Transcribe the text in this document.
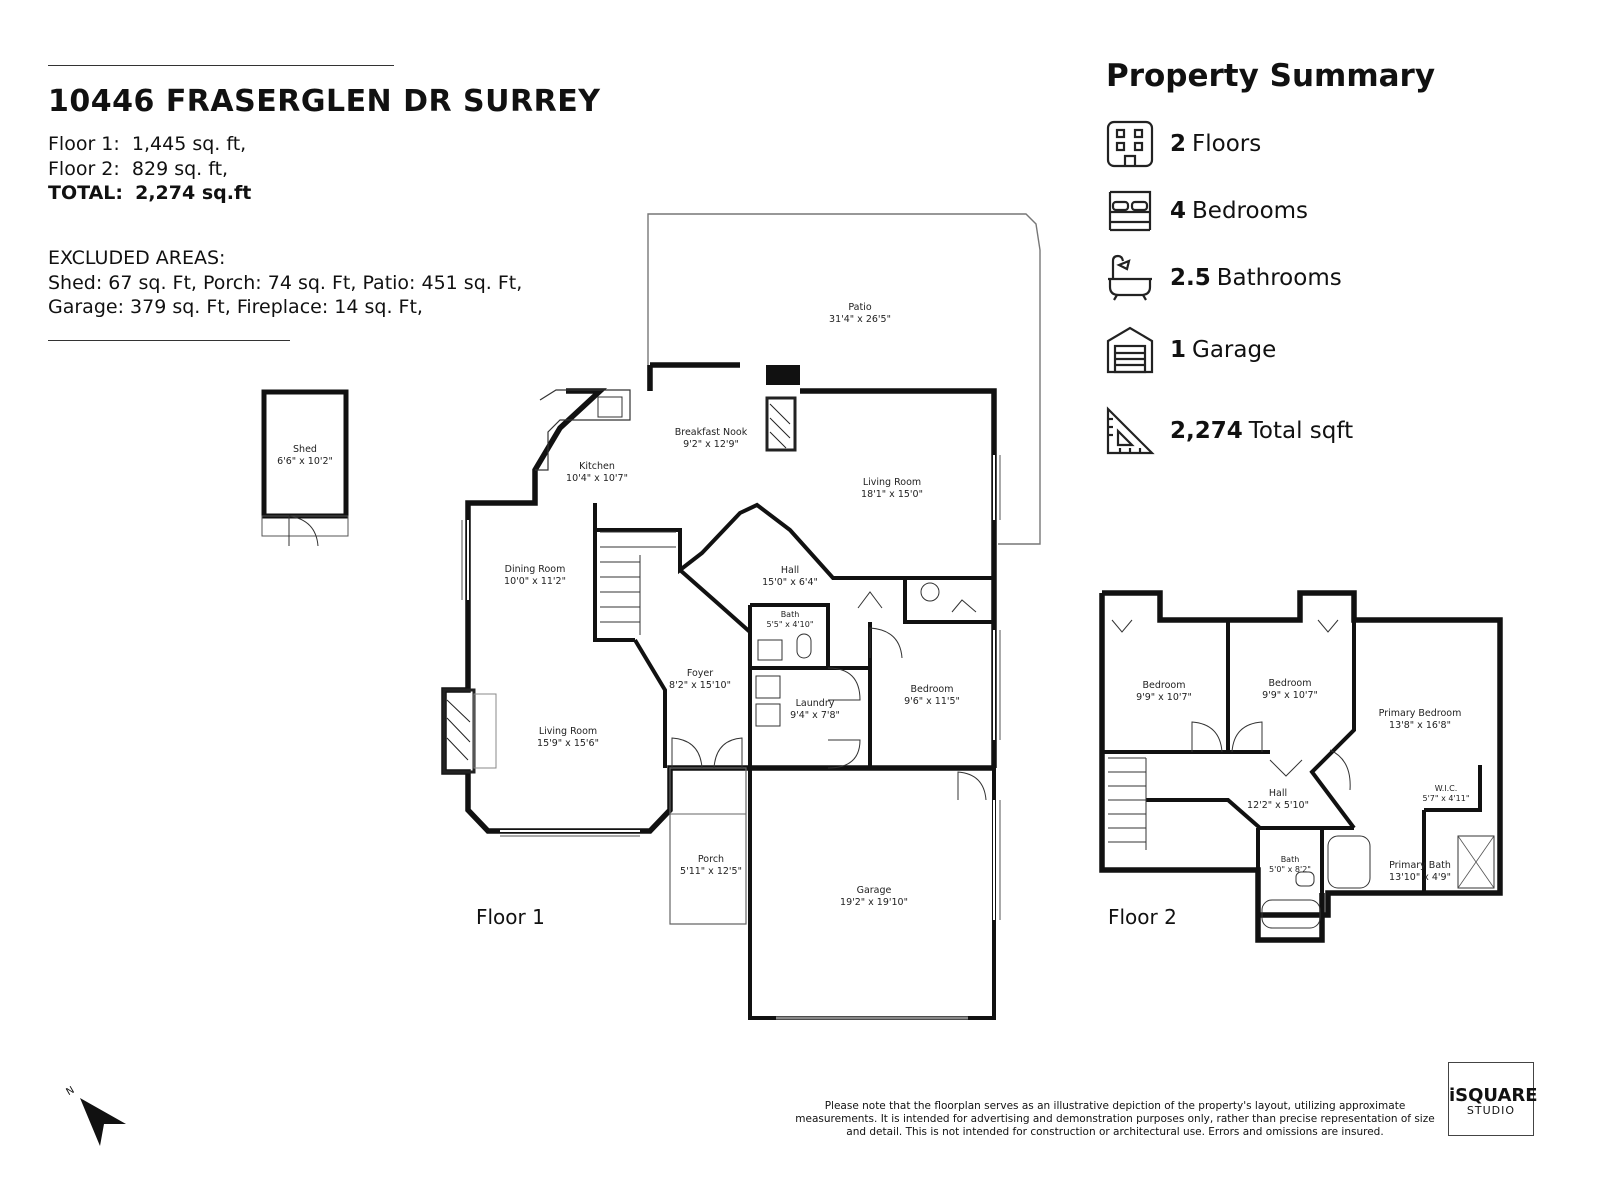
10446 FRASERGLEN DR SURREY
Floor 1: 1,445 sq. ft,
Floor 2: 829 sq. ft,
TOTAL: 2,274 sq.ft
EXCLUDED AREAS:
Shed: 67 sq. Ft, Porch: 74 sq. Ft, Patio: 451 sq. Ft,
Garage: 379 sq. Ft, Fireplace: 14 sq. Ft,
Property Summary
2 Floors
4 Bedrooms
2.5 Bathrooms
1 Garage
2,274 Total sqft
Shed
6'6" x 10'2"
Patio
31'4" x 26'5"
Breakfast Nook
9'2" x 12'9"
Kitchen
10'4" x 10'7"	Living Room
18'1" x 15'0"
Dining Room
10'0" x 11'2"
Hall
15'0" x 6'4"
Bath
5'5" x 4'10"
Foyer
8'2" x 15'10"
Laundry
9'4" x 7'8"
Bedroom
9'6" x 11'5"
Living Room
15'9" x 15'6"
Porch
5'11" x 12'5"
Garage
19'2" x 19'10"
Floor 1
Bedroom
9'9" x 10'7"
Bedroom
9'9" x 10'7"
Primary Bedroom
13'8" x 16'8"
Hall
12'2" x 5'10"
W.I.C.
5'7" x 4'11"
Bath
5'0" x 8'2"	Primary Bath
13'10" x 4'9"
Floor 2
N
Please note that the floorplan serves as an illustrative depiction of the property's layout, utilizing approximate measurements. It is intended for advertising and demonstration purposes only, rather than precise representation of size and detail. This is not intended for construction or architectural use. Errors and omissions are insured.
iSQUARE
STUDIO
